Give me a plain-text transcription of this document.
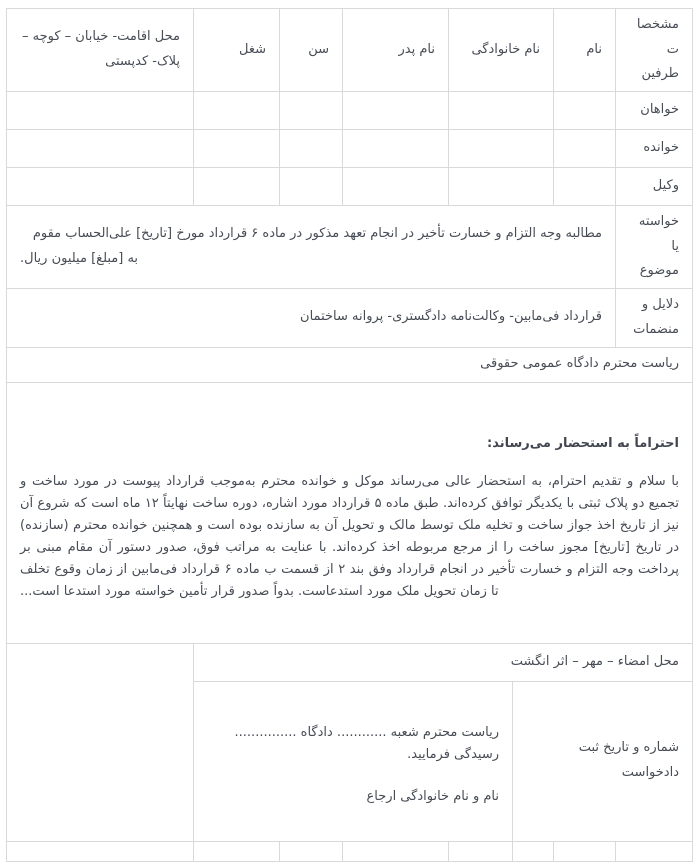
مشخصات طرفین	نام	نام خانوادگی		نام پدر	سن	شغل	محل اقامت- خیابان – کوچه – پلاک- کدپستی
خواهان							
خوانده							
وکیل							
خواسته یا موضوع	مطالبه وجه التزام و خسارت تأخیر در انجام تعهد مذکور در ماده ۶ قرارداد مورخ [تاریخ] علی‌الحساب مقوم به [مبلغ] میلیون ریال.						

دلایل و منضمات	قرارداد فی‌مابین- وکالت‌نامه دادگستری- پروانه ساختمان						

ریاست محترم دادگاه عمومی حقوقی							

احتراماً به استحضار می‌رساند:

با سلام و تقدیم احترام، به استحضار عالی می‌رساند موکل و خوانده محترم به‌موجب قرارداد پیوست در مورد ساخت و تجمیع دو پلاک ثبتی با یکدیگر توافق کرده‌اند. طبق ماده ۵ قرارداد مورد اشاره، دوره ساخت نهایتاً ۱۲ ماه است که شروع آن نیز از تاریخ اخذ جواز ساخت و تخلیه ملک توسط مالک و تحویل آن به سازنده بوده است و همچنین خوانده محترم (سازنده) در تاریخ [تاریخ] مجوز ساخت را از مرجع مربوطه اخذ کرده‌اند. با عنایت به مراتب فوق، صدور دستور آن مقام مبنی بر پرداخت وجه التزام و خسارت تأخیر در انجام قرارداد وفق بند ۲ از قسمت ب ماده ۶ قرارداد فی‌مابین از زمان وقوع تخلف تا زمان تحویل ملک مورد استدعاست. بدواً صدور قرار تأمین خواسته مورد استدعا است...							

محل امضاء – مهر – اثر انگشت							
شماره و تاریخ ثبت دادخواست			ریاست محترم شعبه ............ دادگاه ............... رسیدگی فرمایید.

نام و نام خانوادگی ارجاع				
